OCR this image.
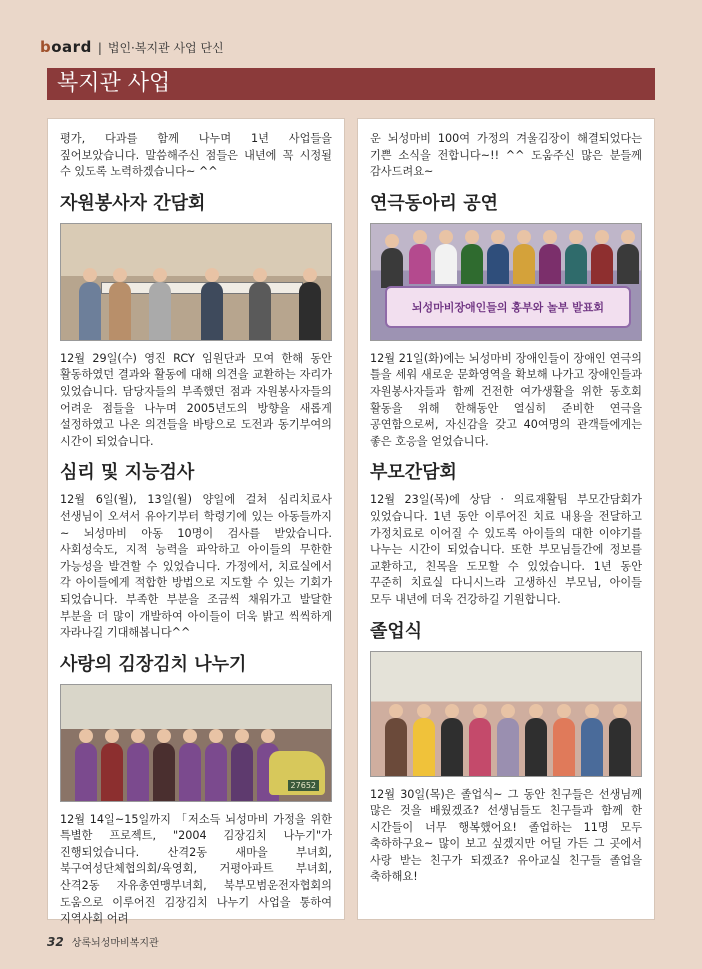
board | 법인·복지관 사업 단신
복지관 사업

평가, 다과를 함께 나누며 1년 사업들을 짚어보았습니다. 말씀해주신 점들은 내년에 꼭 시정될 수 있도록 노력하겠습니다~ ^^

자원봉사자 간담회

12월 29일(수) 영진 RCY 임원단과 모여 한해 동안 활동하였던 결과와 활동에 대해 의견을 교환하는 자리가 있었습니다. 담당자들의 부족했던 점과 자원봉사자들의 어려운 점들을 나누며 2005년도의 방향을 새롭게 설정하였고 나온 의견들을 바탕으로 도전과 동기부여의 시간이 되었습니다.

심리 및 지능검사

12월 6일(월), 13일(월) 양일에 걸쳐 심리치료사 선생님이 오셔서 유아기부터 학령기에 있는 아동들까지~ 뇌성마비 아동 10명이 검사를 받았습니다. 사회성숙도, 지적 능력을 파악하고 아이들의 무한한 가능성을 발견할 수 있었습니다. 가정에서, 치료실에서 각 아이들에게 적합한 방법으로 지도할 수 있는 기회가 되었습니다. 부족한 부분을 조금씩 채워가고 발달한 부분을 더 많이 개발하여 아이들이 더욱 밝고 씩씩하게 자라나길 기대해봅니다^^

사랑의 김장김치 나누기
27652

12월 14일~15일까지 「저소득 뇌성마비 가정을 위한 특별한 프로젝트, "2004 김장김치 나누기"가 진행되었습니다. 산격2동 새마을 부녀회, 북구여성단체협의회/육영회, 거평아파트 부녀회, 산격2동 자유총연맹부녀회, 북부모범운전자협회의 도움으로 이루어진 김장김치 나누기 사업을 통하여 지역사회 어려

운 뇌성마비 100여 가정의 겨울김장이 해결되었다는 기쁜 소식을 전합니다~!! ^^ 도움주신 많은 분들께 감사드려요~

연극동아리 공연
뇌성마비장애인들의 홍부와 놀부 발표회

12월 21일(화)에는 뇌성마비 장애인들이 장애인 연극의 틀을 세워 새로운 문화영역을 확보해 나가고 장애인들과 자원봉사자들과 함께 건전한 여가생활을 위한 동호회 활동을 위해 한해동안 열심히 준비한 연극을 공연함으로써, 자신감을 갖고 40여명의 관객들에게는 좋은 호응을 얻었습니다.

부모간담회

12월 23일(목)에 상담 · 의료재활팀 부모간담회가 있었습니다. 1년 동안 이루어진 치료 내용을 전달하고 가정치료로 이어질 수 있도록 아이들의 대한 이야기를 나누는 시간이 되었습니다. 또한 부모님들간에 정보를 교환하고, 친목을 도모할 수 있었습니다. 1년 동안 꾸준히 치료실 다니시느라 고생하신 부모님, 아이들 모두 내년에 더욱 건강하길 기원합니다.

졸업식

12월 30일(목)은 졸업식~ 그 동안 친구들은 선생님께 많은 것을 배웠겠죠? 선생님들도 친구들과 함께 한 시간들이 너무 행복했어요! 졸업하는 11명 모두 축하하구요~ 많이 보고 싶겠지만 어딜 가든 그 곳에서 사랑 받는 친구가 되겠죠? 유아교실 친구들 졸업을 축하해요!

32 상록뇌성마비복지관
